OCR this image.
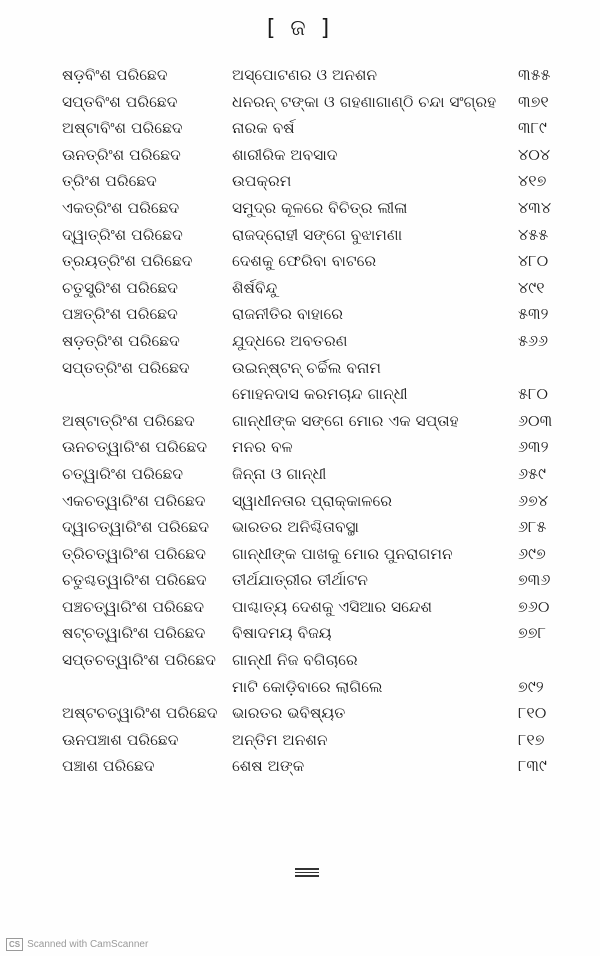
[ ଜ ]
ଷଡ଼ବିଂଶ ପରିଛେଦ	ଅସ୍ପୋଟଣର ଓ ଅନଶନ	୩୫୫
ସପ୍ତବିଂଶ ପରିଛେଦ	ଧନରନ୍ ଟଙ୍କା ଓ ଗହଣାଗାଣ୍ଠି ଚନ୍ଦା ସଂଗ୍ରହ ୩୭୧
ଅଷ୍ଟାବିଂଶ ପରିଛେଦ	ନାରକ ବର୍ଷ	୩୮୯
ଊନତ୍ରିଂଶ ପରିଛେଦ	ଶାରୀରିକ ଅବସାଦ	୪୦୪
ତ୍ରିଂଶ ପରିଛେଦ	ଉପକ୍ରମ	୪୧୭
ଏକତ୍ରିଂଶ ପରିଛେଦ	ସମୁଦ୍ର କୂଳରେ ବିଚିତ୍ର ଲୀଳା	୪୩୪
ଦ୍ୱାତ୍ରିଂଶ ପରିଛେଦ	ରାଜଦ୍ରୋହୀ ସଙ୍ଗେ ବୁଝାମଣା	୪୫୫
ତ୍ରୟତ୍ରିଂଶ ପରିଛେଦ	ଦେଶକୁ ଫେରିବା ବାଟରେ	୪୮୦
ଚତୁସ୍ତ୍ରିଂଶ ପରିଛେଦ	ଶିର୍ଷବିନ୍ଦୁ	୪୯୧
ପଞ୍ଚତ୍ରିଂଶ ପରିଛେଦ	ରାଜନୀତିର ବାହାରେ	୫୩୨
ଷଡ଼ତ୍ରିଂଶ ପରିଛେଦ	ଯୁଦ୍ଧରେ ଅବତରଣ	୫୬୬
ସପ୍ତତ୍ରିଂଶ ପରିଛେଦ	ଉଇନ୍‌ଷ୍ଟନ୍ ଚର୍ଚ୍ଚିଲ ବନାମ
ମୋହନଦାସ କରମଚାନ୍ଦ ଗାନ୍ଧୀ	୫୮୦
ଅଷ୍ଟାତ୍ରିଂଶ ପରିଛେଦ ଗାନ୍ଧୀଙ୍କ ସଙ୍ଗେ ମୋର ଏକ ସପ୍ତାହ	୬୦୩
ଊନଚତ୍ୱାରିଂଶ ପରିଛେଦ ମନର ବଳ	୬୩୨
ଚତ୍ୱାରିଂଶ ପରିଛେଦ	ଜିନ୍ନା ଓ ଗାନ୍ଧୀ	୬୫୯
ଏକଚତ୍ୱାରିଂଶ ପରିଛେଦ ସ୍ୱାଧୀନତାର ପ୍ରାକ୍‌କାଳରେ	୬୭୪
ଦ୍ୱାଚତ୍ୱାରିଂଶ ପରିଛେଦ ଭାରତର ଅନିଶ୍ଚିତାବସ୍ଥା	୬୮୫
ତ୍ରିଚତ୍ୱାରିଂଶ ପରିଛେଦ ଗାନ୍ଧୀଙ୍କ ପାଖକୁ ମୋର ପୁନରାଗମନ	୬୯୭
ଚତୁଶ୍ଚତ୍ୱାରିଂଶ ପରିଛେଦ ତୀର୍ଥଯାତ୍ରୀର ତୀର୍ଥାଟନ	୭୩୬
ପଞ୍ଚଚତ୍ୱାରିଂଶ ପରିଛେଦ ପାଶ୍ଚାତ୍ୟ ଦେଶକୁ ଏସିଆର ସନ୍ଦେଶ	୭୬୦
ଷଟ୍‌ଚତ୍ୱାରିଂଶ ପରିଛେଦ ବିଷାଦମୟ ବିଜୟ	୭୭୮
ସପ୍ତଚତ୍ୱାରିଂଶ ପରିଛେଦ ଗାନ୍ଧୀ ନିଜ ବଗିଚାରେ
ମାଟି କୋଡ଼ିବାରେ ଲାଗିଲେ	୭୯୨
ଅଷ୍ଟଚତ୍ୱାରିଂଶ ପରିଛେଦ ଭାରତର ଭବିଷ୍ୟତ	୮୧୦
ଊନପଞ୍ଚାଶ ପରିଛେଦ	ଅନ୍ତିମ ଅନଶନ	୮୧୭
ପଞ୍ଚାଶ ପରିଛେଦ	ଶେଷ ଅଙ୍କ	୮୩୯
CS Scanned with CamScanner
